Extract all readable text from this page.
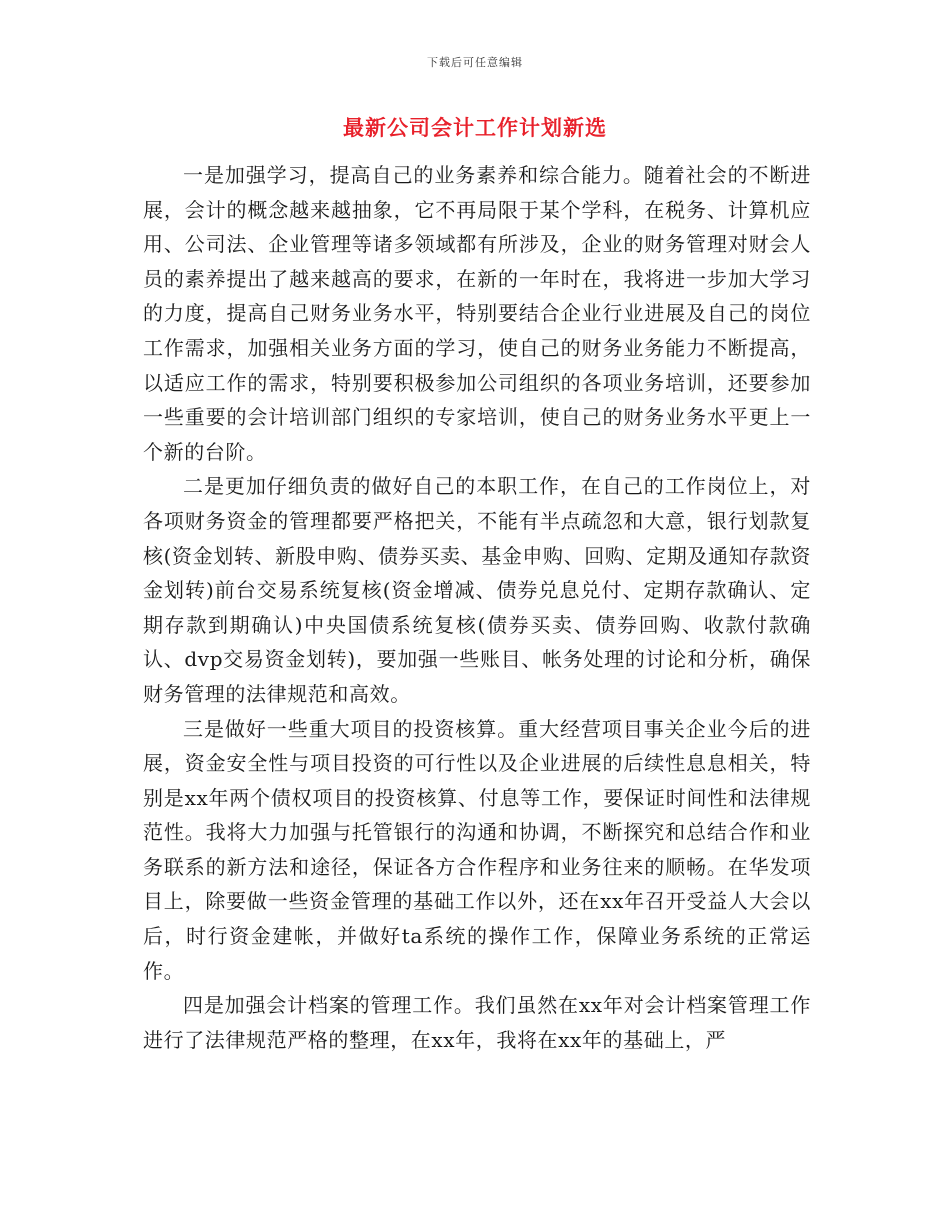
下载后可任意编辑
最新公司会计工作计划新选

一是加强学习，提高自己的业务素养和综合能力。随着社会的不断进展，会计的概念越来越抽象，它不再局限于某个学科，在税务、计算机应用、公司法、企业管理等诸多领域都有所涉及，企业的财务管理对财会人员的素养提出了越来越高的要求，在新的一年时在，我将进一步加大学习的力度，提高自己财务业务水平，特别要结合企业行业进展及自己的岗位工作需求，加强相关业务方面的学习，使自己的财务业务能力不断提高，以适应工作的需求，特别要积极参加公司组织的各项业务培训，还要参加一些重要的会计培训部门组织的专家培训，使自己的财务业务水平更上一个新的台阶。

二是更加仔细负责的做好自己的本职工作，在自己的工作岗位上，对各项财务资金的管理都要严格把关，不能有半点疏忽和大意，银行划款复核(资金划转、新股申购、债券买卖、基金申购、回购、定期及通知存款资金划转)前台交易系统复核(资金增减、债券兑息兑付、定期存款确认、定期存款到期确认)中央国债系统复核(债券买卖、债券回购、收款付款确认、dvp交易资金划转)，要加强一些账目、帐务处理的讨论和分析，确保财务管理的法律规范和高效。

三是做好一些重大项目的投资核算。重大经营项目事关企业今后的进展，资金安全性与项目投资的可行性以及企业进展的后续性息息相关，特别是xx年两个债权项目的投资核算、付息等工作，要保证时间性和法律规范性。我将大力加强与托管银行的沟通和协调，不断探究和总结合作和业务联系的新方法和途径，保证各方合作程序和业务往来的顺畅。在华发项目上，除要做一些资金管理的基础工作以外，还在xx年召开受益人大会以后，时行资金建帐，并做好ta系统的操作工作，保障业务系统的正常运作。

四是加强会计档案的管理工作。我们虽然在xx年对会计档案管理工作进行了法律规范严格的整理，在xx年，我将在xx年的基础上，严
